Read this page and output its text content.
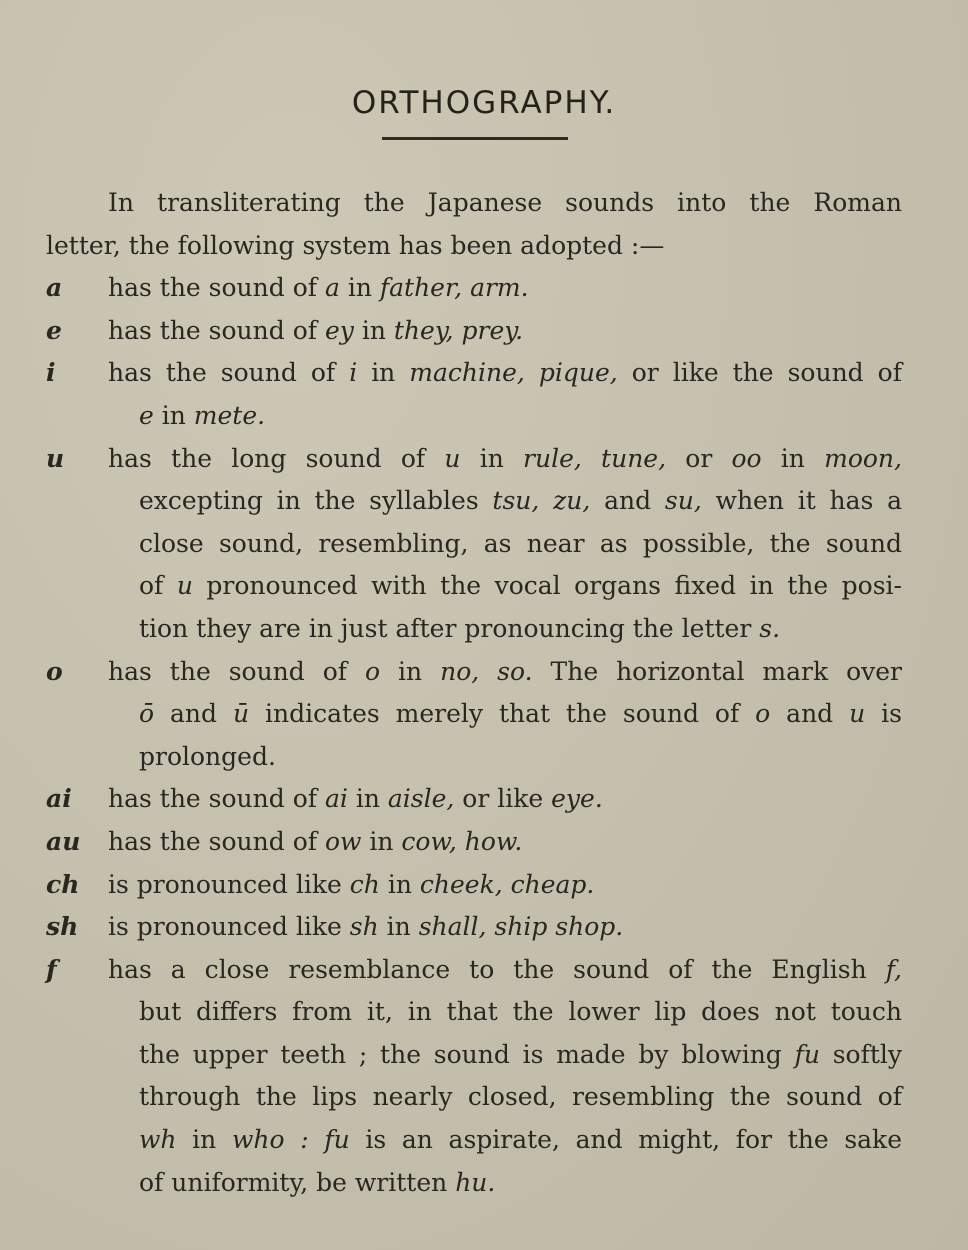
ORTHOGRAPHY.

In transliterating the Japanese sounds into the Roman
letter, the following system has been adopted :—

a	has the sound of a in father, arm.
e	has the sound of ey in they, prey.
i	has the sound of i in machine, pique, or like the sound of
e in mete.
u	has the long sound of u in rule, tune, or oo in moon,
excepting in the syllables tsu, zu, and su, when it has a
close sound, resembling, as near as possible, the sound
of u pronounced with the vocal organs fixed in the posi-
tion they are in just after pronouncing the letter s.
o	has the sound of o in no, so. The horizontal mark over
ō and ū indicates merely that the sound of o and u is
prolonged.
ai	has the sound of ai in aisle, or like eye.
au	has the sound of ow in cow, how.
ch	is pronounced like ch in cheek, cheap.
sh	is pronounced like sh in shall, ship shop.
f	has a close resemblance to the sound of the English f,
but differs from it, in that the lower lip does not touch
the upper teeth ; the sound is made by blowing fu softly
through the lips nearly closed, resembling the sound of
wh in who : fu is an aspirate, and might, for the sake
of uniformity, be written hu.
